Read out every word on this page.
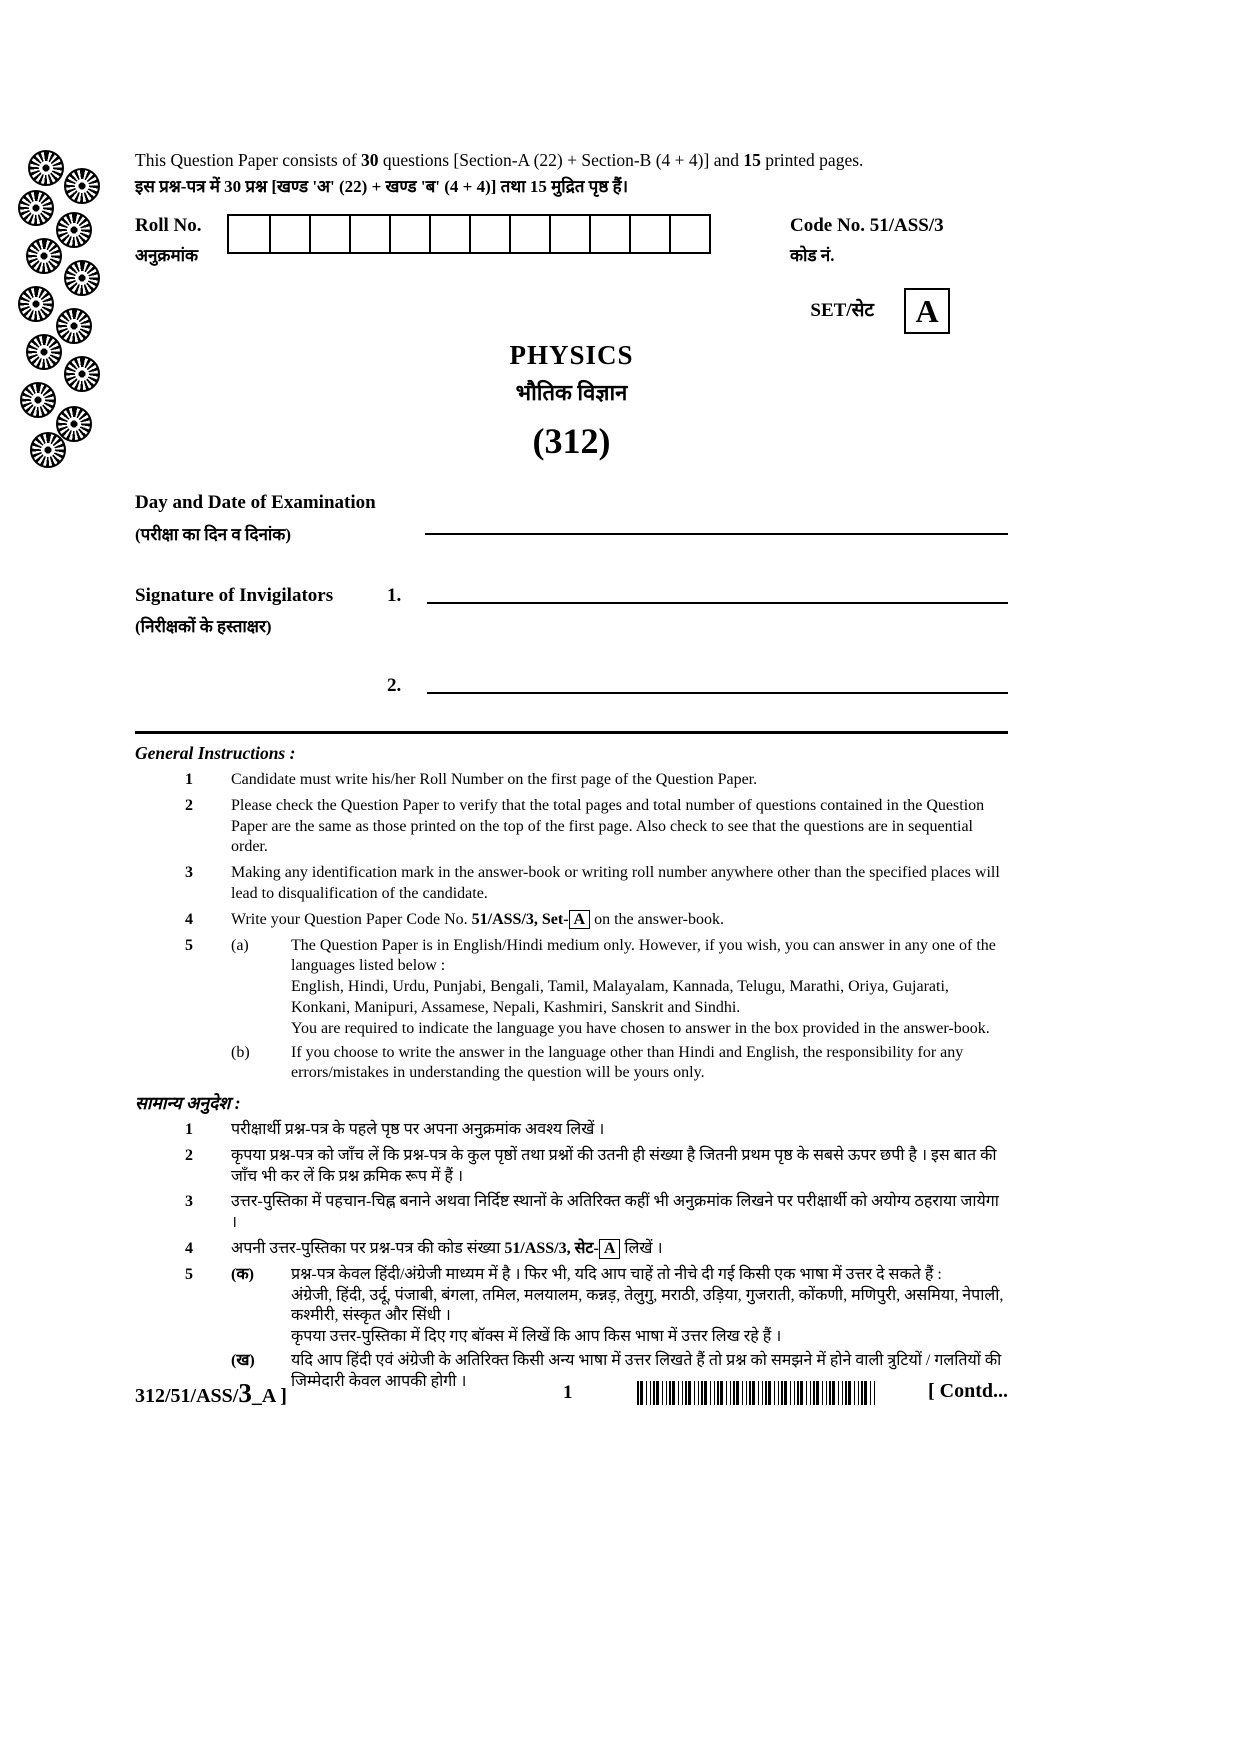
This Question Paper consists of 30 questions [Section-A (22) + Section-B (4 + 4)] and 15 printed pages.
इस प्रश्न-पत्र में 30 प्रश्न [खण्ड 'अ' (22) + खण्ड 'ब' (4 + 4)] तथा 15 मुद्रित पृष्ठ हैं।
Roll No.
अनुक्रमांक
Code No. 51/ASS/3
कोड नं.
SET/सेट	A
PHYSICS
भौतिक विज्ञान
(312)
Day and Date of Examination
(परीक्षा का दिन व दिनांक)
Signature of Invigilators
(निरीक्षकों के हस्ताक्षर)
1.
2.
General Instructions :
1	Candidate must write his/her Roll Number on the first page of the Question Paper.
2	Please check the Question Paper to verify that the total pages and total number of questions contained in the Question Paper are the same as those printed on the top of the first page. Also check to see that the questions are in sequential order.
3	Making any identification mark in the answer-book or writing roll number anywhere other than the specified places will lead to disqualification of the candidate.
4	Write your Question Paper Code No. 51/ASS/3, Set- A on the answer-book.
5	(a)	The Question Paper is in English/Hindi medium only. However, if you wish, you can answer in any one of the languages listed below :
English, Hindi, Urdu, Punjabi, Bengali, Tamil, Malayalam, Kannada, Telugu, Marathi, Oriya, Gujarati, Konkani, Manipuri, Assamese, Nepali, Kashmiri, Sanskrit and Sindhi.
You are required to indicate the language you have chosen to answer in the box provided in the answer-book.
(b)	If you choose to write the answer in the language other than Hindi and English, the responsibility for any errors/mistakes in understanding the question will be yours only.
सामान्य अनुदेश :
1	परीक्षार्थी प्रश्न-पत्र के पहले पृष्ठ पर अपना अनुक्रमांक अवश्य लिखें ।
2	कृपया प्रश्न-पत्र को जाँच लें कि प्रश्न-पत्र के कुल पृष्ठों तथा प्रश्नों की उतनी ही संख्या है जितनी प्रथम पृष्ठ के सबसे ऊपर छपी है । इस बात की जाँच भी कर लें कि प्रश्न क्रमिक रूप में हैं ।
3	उत्तर-पुस्तिका में पहचान-चिह्न बनाने अथवा निर्दिष्ट स्थानों के अतिरिक्त कहीं भी अनुक्रमांक लिखने पर परीक्षार्थी को अयोग्य ठहराया जायेगा ।
4	अपनी उत्तर-पुस्तिका पर प्रश्न-पत्र की कोड संख्या 51/ASS/3, सेट- A लिखें ।
5	(क)	प्रश्न-पत्र केवल हिंदी/अंग्रेजी माध्यम में है । फिर भी, यदि आप चाहें तो नीचे दी गई किसी एक भाषा में उत्तर दे सकते हैं :
अंग्रेजी, हिंदी, उर्दू, पंजाबी, बंगला, तमिल, मलयालम, कन्नड़, तेलुगु, मराठी, उड़िया, गुजराती, कोंकणी, मणिपुरी, असमिया, नेपाली, कश्मीरी, संस्कृत और सिंधी ।
कृपया उत्तर-पुस्तिका में दिए गए बॉक्स में लिखें कि आप किस भाषा में उत्तर लिख रहे हैं ।
(ख)	यदि आप हिंदी एवं अंग्रेजी के अतिरिक्त किसी अन्य भाषा में उत्तर लिखते हैं तो प्रश्न को समझने में होने वाली त्रुटियों / गलतियों की जिम्मेदारी केवल आपकी होगी ।
312/51/ASS/3_A ]	1	[ Contd...
